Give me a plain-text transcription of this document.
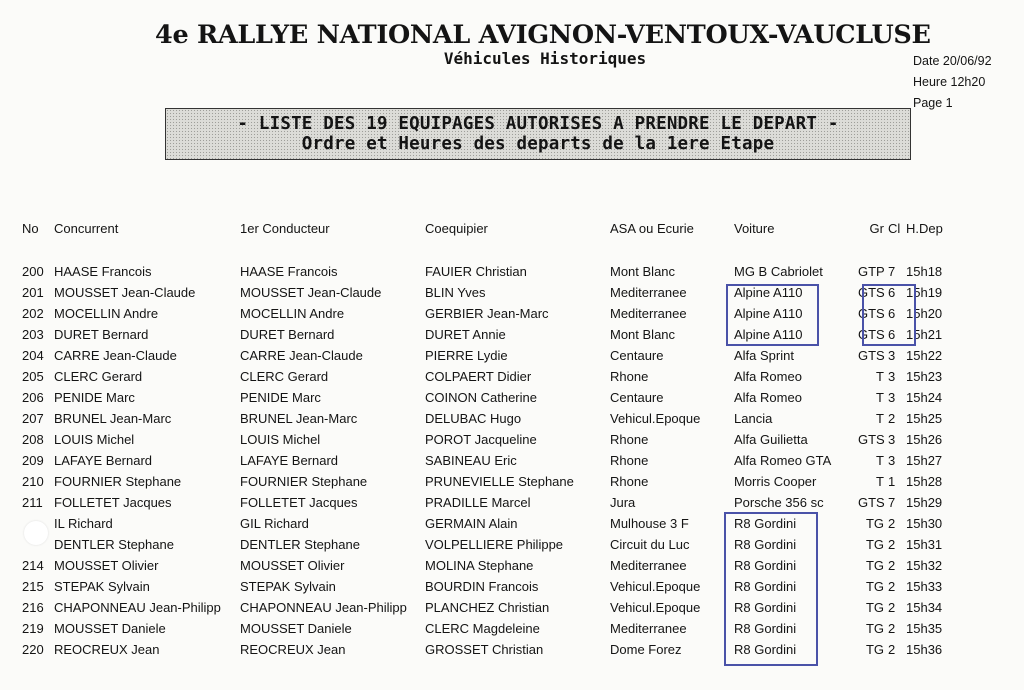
4e RALLYE NATIONAL AVIGNON-VENTOUX-VAUCLUSE
Véhicules Historiques	Date 20/06/92
Heure 12h20
Page 1
- LISTE DES 19 EQUIPAGES AUTORISES A PRENDRE LE DEPART -
Ordre et Heures des departs de la 1ere Etape
No	Concurrent	1er Conducteur	Coequipier	ASA ou Ecurie	Voiture	Gr	Cl	H.Dep

200	HAASE Francois	HAASE Francois	FAUIER Christian	Mont Blanc	MG B Cabriolet	GTP	7	15h18
201	MOUSSET Jean-Claude	MOUSSET Jean-Claude	BLIN Yves	Mediterranee	Alpine A110	GTS	6	15h19
202	MOCELLIN Andre	MOCELLIN Andre	GERBIER Jean-Marc	Mediterranee	Alpine A110	GTS	6	15h20
203	DURET Bernard	DURET Bernard	DURET Annie	Mont Blanc	Alpine A110	GTS	6	15h21
204	CARRE Jean-Claude	CARRE Jean-Claude	PIERRE Lydie	Centaure	Alfa Sprint	GTS	3	15h22
205	CLERC Gerard	CLERC Gerard	COLPAERT Didier	Rhone	Alfa Romeo	T	3	15h23
206	PENIDE Marc	PENIDE Marc	COINON Catherine	Centaure	Alfa Romeo	T	3	15h24
207	BRUNEL Jean-Marc	BRUNEL Jean-Marc	DELUBAC Hugo	Vehicul.Epoque	Lancia	T	2	15h25
208	LOUIS Michel	LOUIS Michel	POROT Jacqueline	Rhone	Alfa Guilietta	GTS	3	15h26
209	LAFAYE Bernard	LAFAYE Bernard	SABINEAU Eric	Rhone	Alfa Romeo GTA	T	3	15h27
210	FOURNIER Stephane	FOURNIER Stephane	PRUNEVIELLE Stephane	Rhone	Morris Cooper	T	1	15h28
211	FOLLETET Jacques	FOLLETET Jacques	PRADILLE Marcel	Jura	Porsche 356 sc	GTS	7	15h29
	IL Richard	GIL Richard	GERMAIN Alain	Mulhouse 3 F	R8 Gordini	TG	2	15h30
	DENTLER Stephane	DENTLER Stephane	VOLPELLIERE Philippe	Circuit du Luc	R8 Gordini	TG	2	15h31
214	MOUSSET Olivier	MOUSSET Olivier	MOLINA Stephane	Mediterranee	R8 Gordini	TG	2	15h32
215	STEPAK Sylvain	STEPAK Sylvain	BOURDIN Francois	Vehicul.Epoque	R8 Gordini	TG	2	15h33
216	CHAPONNEAU Jean-Philipp	CHAPONNEAU Jean-Philipp	PLANCHEZ Christian	Vehicul.Epoque	R8 Gordini	TG	2	15h34
219	MOUSSET Daniele	MOUSSET Daniele	CLERC Magdeleine	Mediterranee	R8 Gordini	TG	2	15h35
220	REOCREUX Jean	REOCREUX Jean	GROSSET Christian	Dome Forez	R8 Gordini	TG	2	15h36
